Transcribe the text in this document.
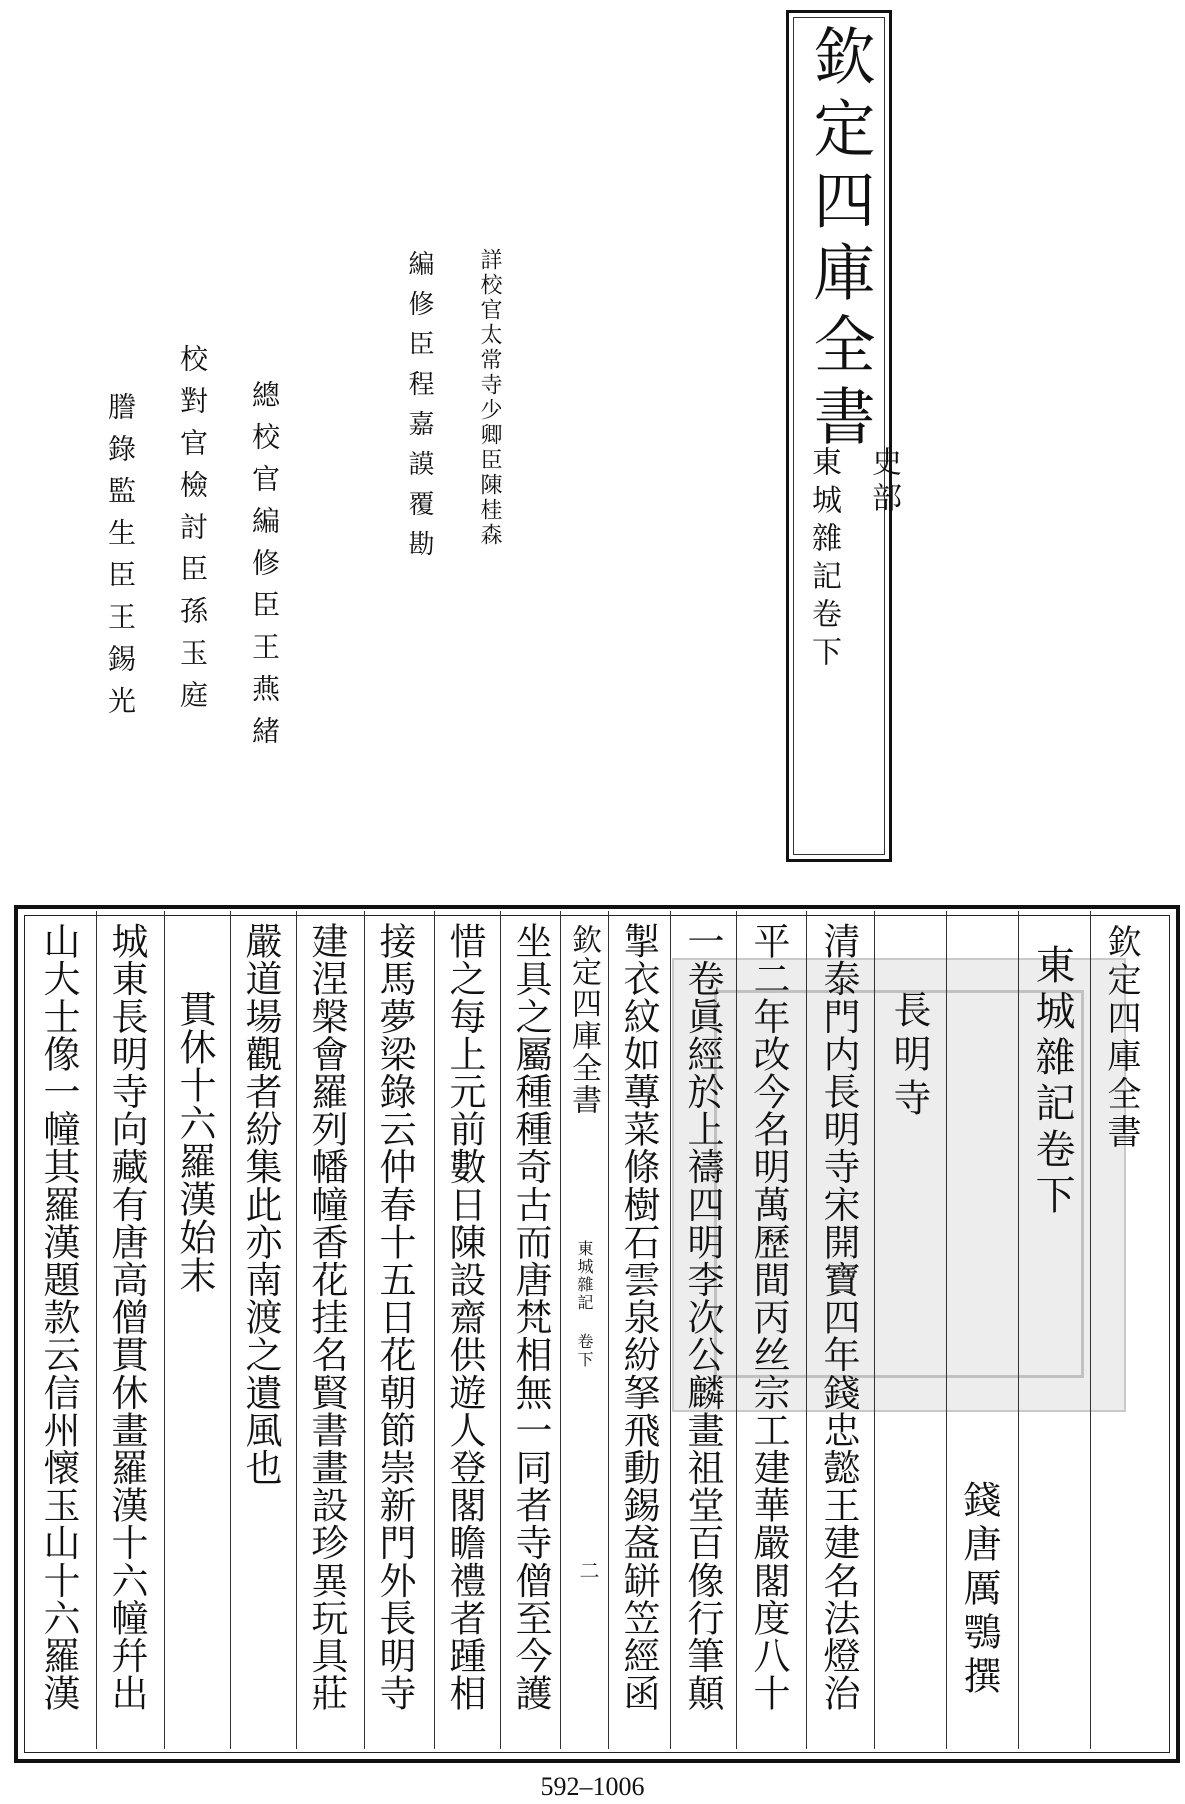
欽定四庫全書
史部
東城雜記卷下
詳校官太常寺少卿臣陳桂森
編修臣程嘉謨覆勘
總校官編修臣王燕緒
校對官檢討臣孫玉庭
謄錄監生臣王錫光
欽定四庫全書
東城雜記卷下
錢唐厲鶚撰
長明寺
清泰門内長明寺宋開寶四年錢忠懿王建名法燈治
平二年改今名明萬歷間丙丝宗工建華嚴閣度八十
一卷眞經於上禱四明李次公麟畫祖堂百像行筆顛
掣衣紋如蓴菜條樹石雲泉紛拏飛動錫盋缾笠經函
欽定四庫全書
東城雜記 卷下
二
坐具之屬種種奇古而唐梵相無一同者寺僧至今護
惜之每上元前數日陳設齋供遊人登閣瞻禮者踵相
接馬夢梁錄云仲春十五日花朝節崇新門外長明寺
建涅槃會羅列幡幢香花挂名賢書畫設珍異玩具莊
嚴道場觀者紛集此亦南渡之遺風也
貫休十六羅漢始末
城東長明寺向藏有唐高僧貫休畫羅漢十六幢幷出
山大士像一幢其羅漢題款云信州懷玉山十六羅漢
592–1006
